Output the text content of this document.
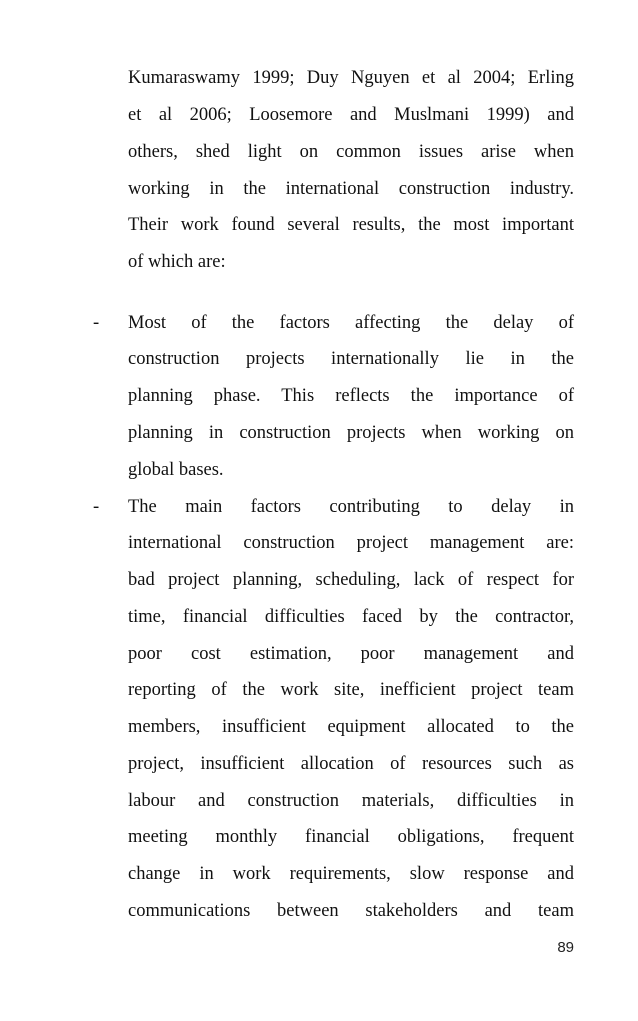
Kumaraswamy 1999; Duy Nguyen et al 2004; Erling
et al 2006; Loosemore and Muslmani 1999) and
others, shed light on common issues arise when
working in the international construction industry.
Their work found several results, the most important
of which are:
- Most of the factors affecting the delay of
construction projects internationally lie in the
planning phase. This reflects the importance of
planning in construction projects when working on
global bases.
- The main factors contributing to delay in
international construction project management are:
bad project planning, scheduling, lack of respect for
time, financial difficulties faced by the contractor,
poor cost estimation, poor management and
reporting of the work site, inefficient project team
members, insufficient equipment allocated to the
project, insufficient allocation of resources such as
labour and construction materials, difficulties in
meeting monthly financial obligations, frequent
change in work requirements, slow response and
communications between stakeholders and team
89
